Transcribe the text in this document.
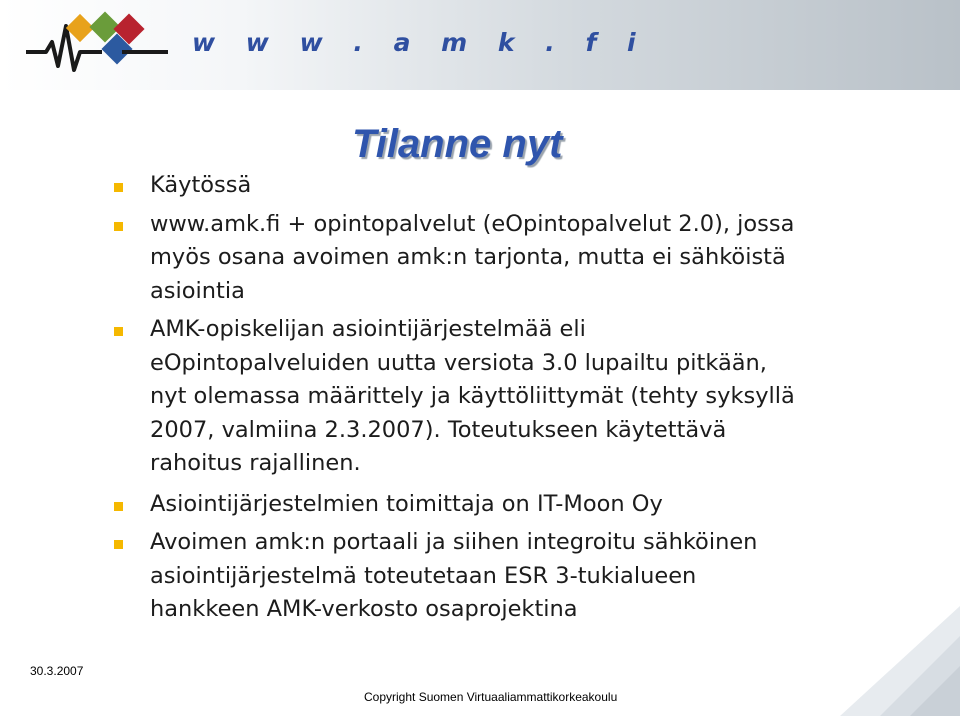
w w w . a m k . f i
Tilanne nyt
Käytössä
www.amk.fi + opintopalvelut (eOpintopalvelut 2.0), jossa myös osana avoimen amk:n tarjonta, mutta ei sähköistä asiointia
AMK-opiskelijan asiointijärjestelmää eli eOpintopalveluiden uutta versiota 3.0 lupailtu pitkään, nyt olemassa määrittely ja käyttöliittymät (tehty syksyllä 2007, valmiina 2.3.2007). Toteutukseen käytettävä rahoitus rajallinen.
Asiointijärjestelmien toimittaja on IT-Moon Oy
Avoimen amk:n portaali ja siihen integroitu sähköinen asiointijärjestelmä toteutetaan ESR 3-tukialueen hankkeen AMK-verkosto osaprojektina
30.3.2007
Copyright Suomen Virtuaaliammattikorkeakoulu
